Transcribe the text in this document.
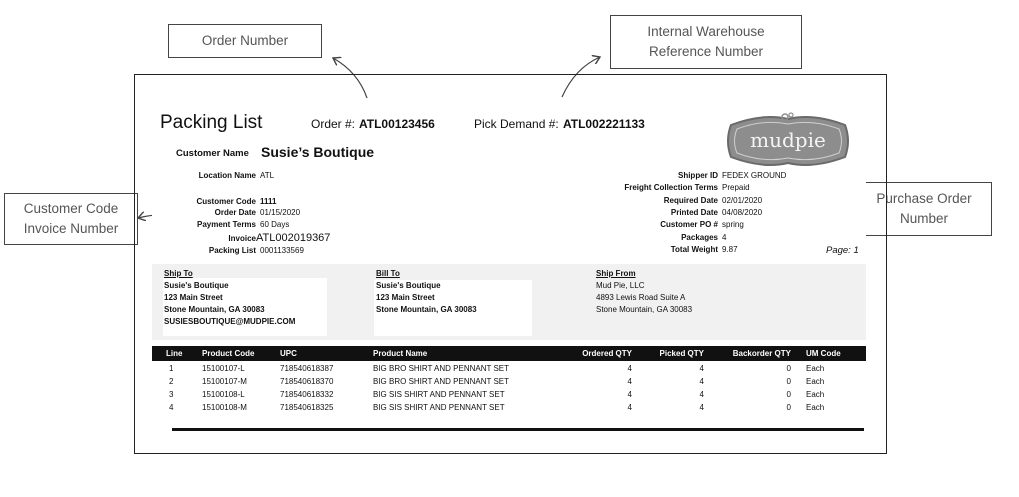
Order Number
Internal Warehouse
Reference Number
Customer Code
Invoice Number
Purchase Order
Number
Packing List	Order #: ATL00123456	Pick Demand #: ATL002221133
mudpie
Customer Name Susie’s Boutique
Location Name ATL
Customer Code 1111
Order Date 01/15/2020
Payment Terms 60 Days
InvoiceATL002019367
Packing List 0001133569
Shipper ID FEDEX GROUND
Freight Collection Terms Prepaid
Required Date 02/01/2020
Printed Date 04/08/2020
Customer PO # spring
Packages 4
Total Weight 9.87	Page: 1
Ship To
Susie's Boutique
123 Main Street
Stone Mountain, GA 30083
SUSIESBOUTIQUE@MUDPIE.COM
Bill To
Susie's Boutique
123 Main Street
Stone Mountain, GA 30083
Ship From
Mud Pie, LLC
4893 Lewis Road Suite A
Stone Mountain, GA 30083
Line Product Code	UPC	Product Name	Ordered QTY	Picked QTY	Backorder QTY UM Code
1	15100107-L	718540618387	BIG BRO SHIRT AND PENNANT SET	4	4	0 Each
2	15100107-M	718540618370	BIG BRO SHIRT AND PENNANT SET	4	4	0 Each
3	15100108-L	718540618332	BIG SIS SHIRT AND PENNANT SET	4	4	0 Each
4	15100108-M	718540618325	BIG SIS SHIRT AND PENNANT SET	4	4	0 Each
